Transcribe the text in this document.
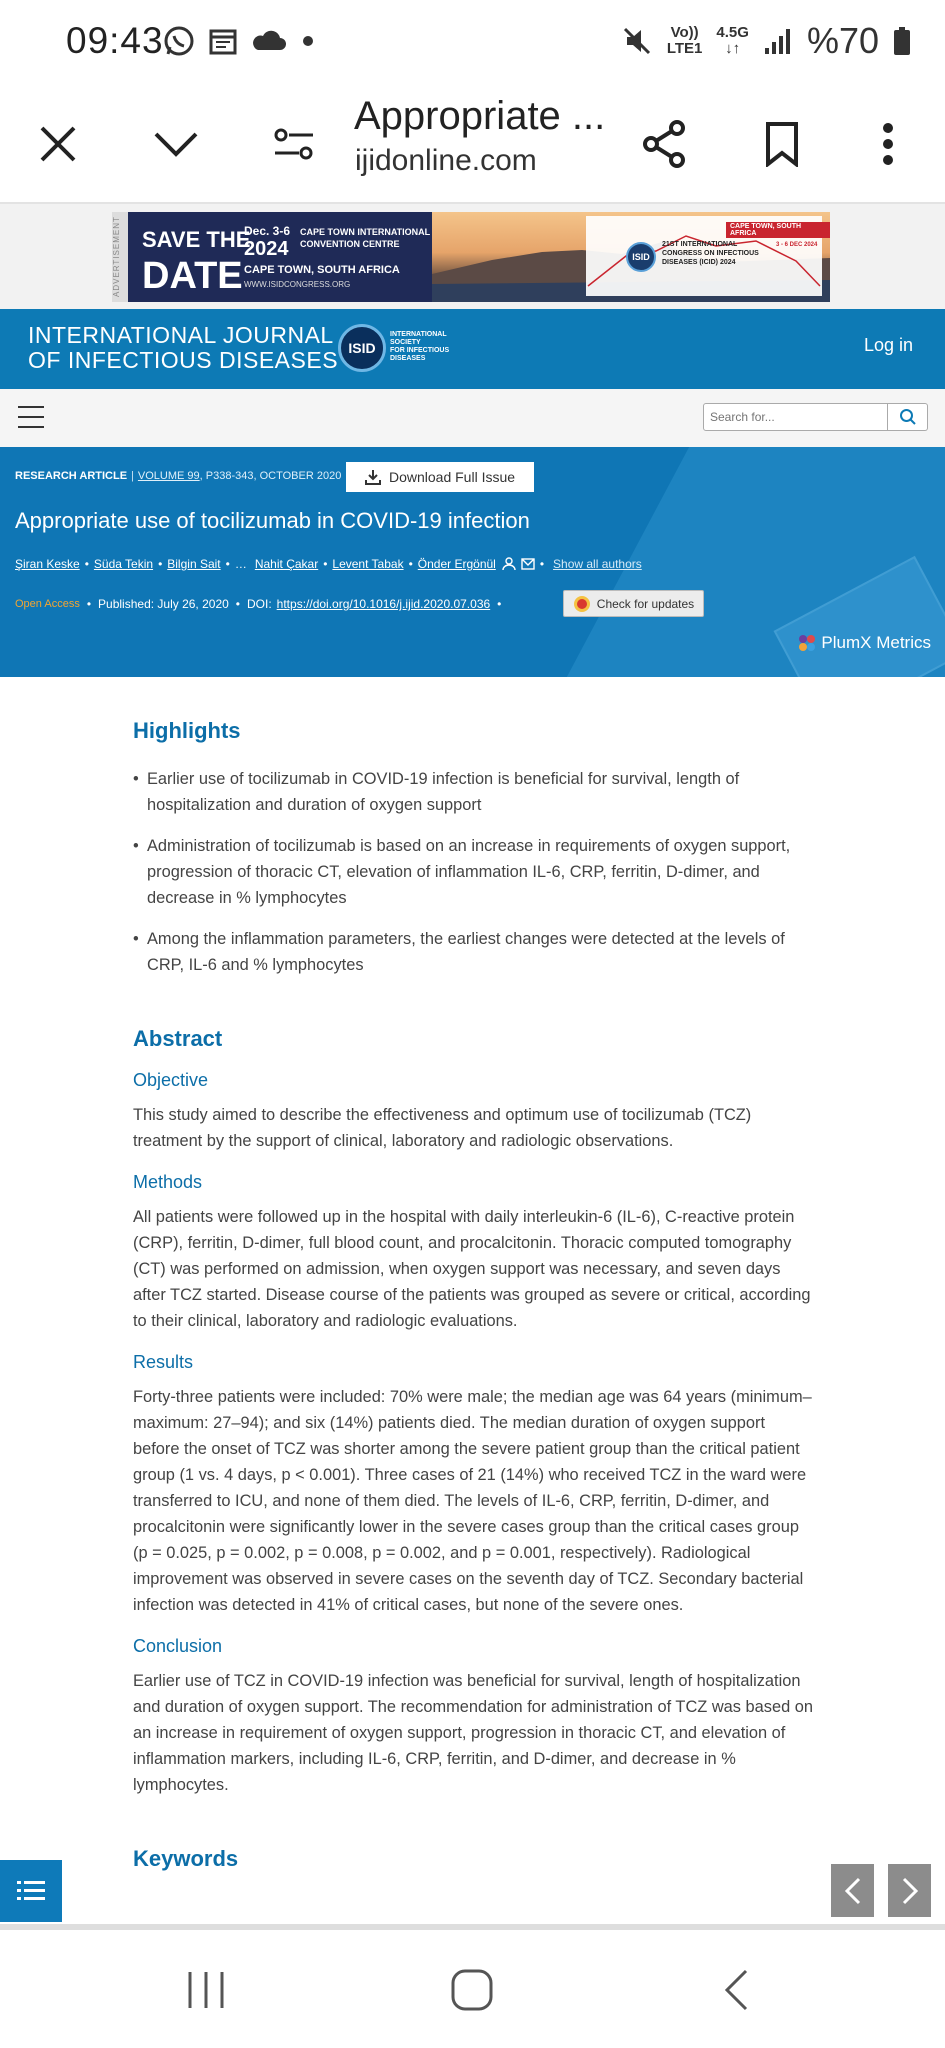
09:43	Vo))
LTE1
4.5G
↓↑ %70
Appropriate ...
ijidonline.com
ADVERTISEMENT SAVE THE
DATE
Dec. 3-6
2024
CAPE TOWN INTERNATIONAL
CONVENTION CENTRE
CAPE TOWN, SOUTH AFRICA
WWW.ISIDCONGRESS.ORG
CAPE TOWN, SOUTH AFRICA
ISID
21ST INTERNATIONAL
CONGRESS ON INFECTIOUS
DISEASES (ICID) 2024
3 - 6 DEC 2024
INTERNATIONAL JOURNAL
OF INFECTIOUS DISEASES ISID
INTERNATIONAL
SOCIETY
FOR INFECTIOUS
DISEASES
Log in
Search for...
RESEARCH ARTICLE | VOLUME 99, P338-343, OCTOBER 2020	Download Full Issue
Appropriate use of tocilizumab in COVID-19 infection
Şiran Keske • Süda Tekin • Bilgin Sait • … Nahit Çakar • Levent Tabak • Önder Ergönül	• Show all authors
Open Access • Published: July 26, 2020 • DOI: https://doi.org/10.1016/j.ijid.2020.07.036 •	Check for updates
PlumX Metrics
Highlights
• Earlier use of tocilizumab in COVID-19 infection is beneficial for survival, length of hospitalization and duration of oxygen support
• Administration of tocilizumab is based on an increase in requirements of oxygen support, progression of thoracic CT, elevation of inflammation IL-6, CRP, ferritin, D-dimer, and decrease in % lymphocytes
• Among the inflammation parameters, the earliest changes were detected at the levels of CRP, IL-6 and % lymphocytes
Abstract
Objective

This study aimed to describe the effectiveness and optimum use of tocilizumab (TCZ) treatment by the support of clinical, laboratory and radiologic observations.

Methods

All patients were followed up in the hospital with daily interleukin-6 (IL-6), C-reactive protein (CRP), ferritin, D-dimer, full blood count, and procalcitonin. Thoracic computed tomography (CT) was performed on admission, when oxygen support was necessary, and seven days after TCZ started. Disease course of the patients was grouped as severe or critical, according to their clinical, laboratory and radiologic evaluations.

Results

Forty-three patients were included: 70% were male; the median age was 64 years (minimum–maximum: 27–94); and six (14%) patients died. The median duration of oxygen support before the onset of TCZ was shorter among the severe patient group than the critical patient group (1 vs. 4 days, p < 0.001). Three cases of 21 (14%) who received TCZ in the ward were transferred to ICU, and none of them died. The levels of IL-6, CRP, ferritin, D-dimer, and procalcitonin were significantly lower in the severe cases group than the critical cases group (p = 0.025, p = 0.002, p = 0.008, p = 0.002, and p = 0.001, respectively). Radiological improvement was observed in severe cases on the seventh day of TCZ. Secondary bacterial infection was detected in 41% of critical cases, but none of the severe ones.

Conclusion

Earlier use of TCZ in COVID-19 infection was beneficial for survival, length of hospitalization and duration of oxygen support. The recommendation for administration of TCZ was based on an increase in requirement of oxygen support, progression in thoracic CT, and elevation of inflammation markers, including IL-6, CRP, ferritin, and D-dimer, and decrease in % lymphocytes.

Keywords
